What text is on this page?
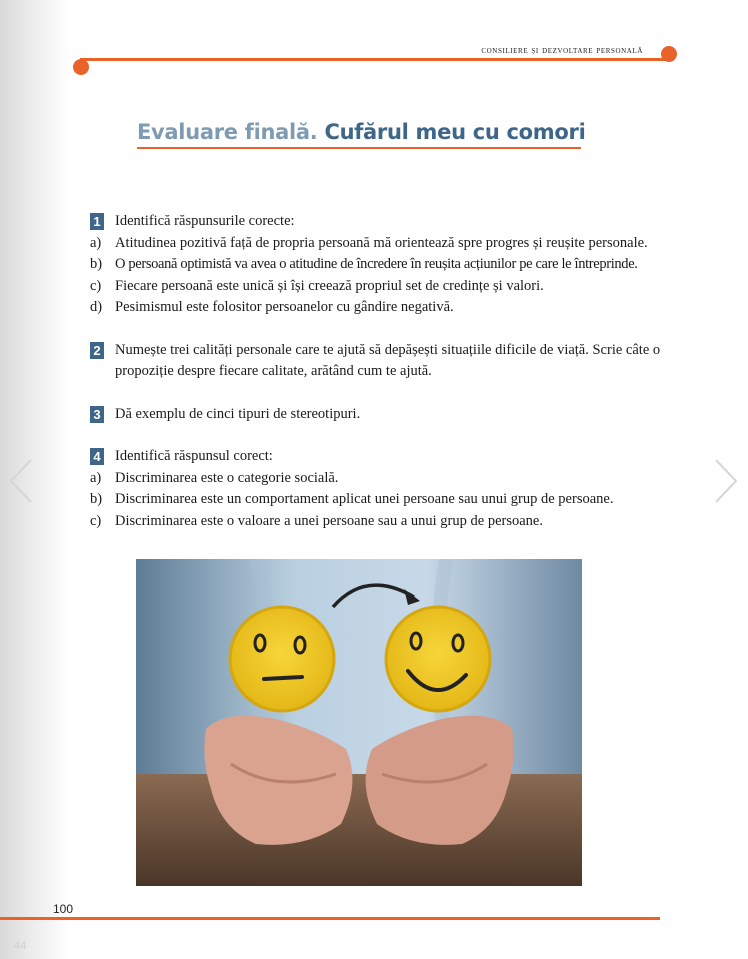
consiliere și dezvoltare personală
Evaluare finală. Cufărul meu cu comori
1 Identifică răspunsurile corecte:
a) Atitudinea pozitivă față de propria persoană mă orientează spre progres și reușite personale.
b) O persoană optimistă va avea o atitudine de încredere în reușita acțiunilor pe care le întreprinde.
c) Fiecare persoană este unică și își creează propriul set de credințe și valori.
d) Pesimismul este folositor persoanelor cu gândire negativă.
2 Numește trei calități personale care te ajută să depășești situațiile dificile de viață. Scrie câte o propoziție despre fiecare calitate, arătând cum te ajută.
3 Dă exemplu de cinci tipuri de stereotipuri.
4 Identifică răspunsul corect:
a) Discriminarea este o categorie socială.
b) Discriminarea este un comportament aplicat unei persoane sau unui grup de persoane.
c) Discriminarea este o valoare a unei persoane sau a unui grup de persoane.
100
44
